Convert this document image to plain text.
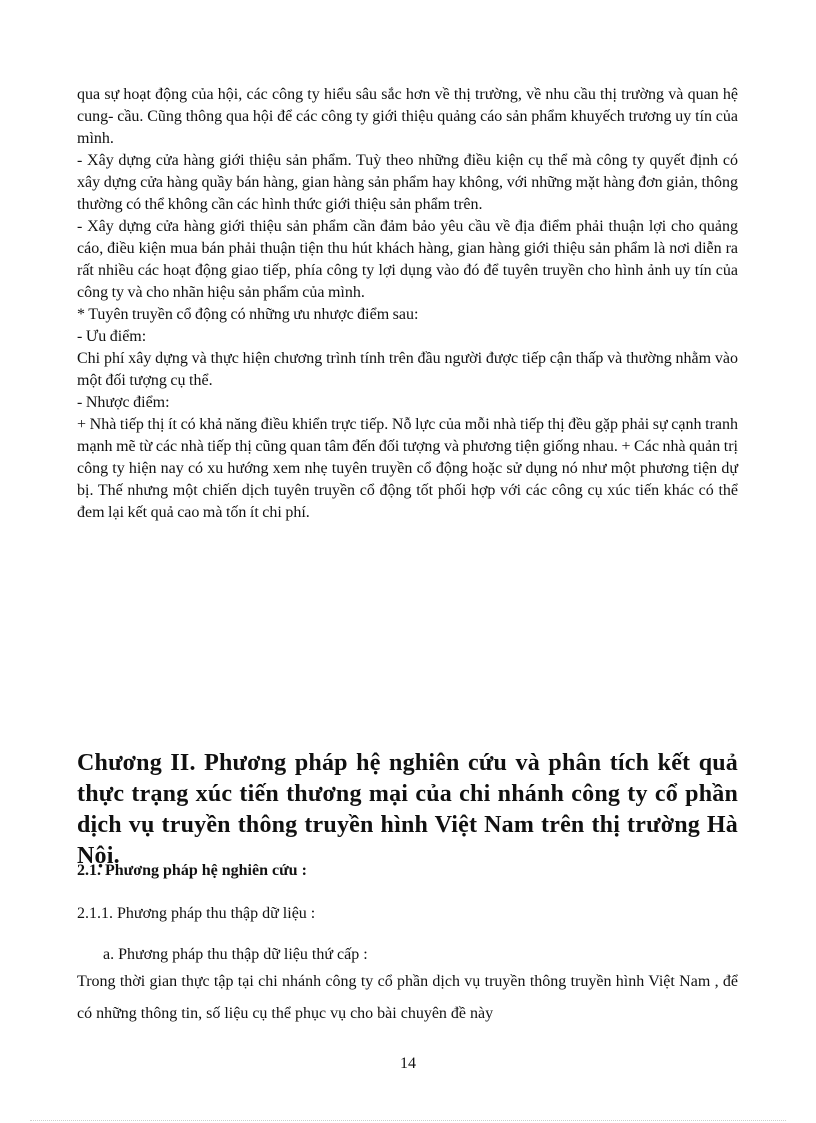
qua sự hoạt động của hội, các công ty hiểu sâu sắc hơn về thị trường, về nhu cầu thị trường và quan hệ cung- cầu. Cũng thông qua hội để các công ty giới thiệu quảng cáo sản phẩm khuyếch trương uy tín của mình.

- Xây dựng cửa hàng giới thiệu sản phẩm. Tuỳ theo những điều kiện cụ thể mà công ty quyết định có xây dựng cửa hàng quầy bán hàng, gian hàng sản phẩm hay không, với những mặt hàng đơn giản, thông thường có thể không cần các hình thức giới thiệu sản phẩm trên.

- Xây dựng cửa hàng giới thiệu sản phẩm cần đảm bảo yêu cầu về địa điểm phải thuận lợi cho quảng cáo, điều kiện mua bán phải thuận tiện thu hút khách hàng, gian hàng giới thiệu sản phẩm là nơi diễn ra rất nhiều các hoạt động giao tiếp, phía công ty lợi dụng vào đó để tuyên truyền cho hình ảnh uy tín của công ty và cho nhãn hiệu sản phẩm của mình.

* Tuyên truyền cổ động có những ưu nhược điểm sau:

- Ưu điểm:

Chi phí xây dựng và thực hiện chương trình tính trên đầu người được tiếp cận thấp và thường nhằm vào một đối tượng cụ thể.

- Nhược điểm:

+ Nhà tiếp thị ít có khả năng điều khiển trực tiếp. Nỗ lực của mỗi nhà tiếp thị đều gặp phải sự cạnh tranh mạnh mẽ từ các nhà tiếp thị cũng quan tâm đến đối tượng và phương tiện giống nhau. + Các nhà quản trị công ty hiện nay có xu hướng xem nhẹ tuyên truyền cổ động hoặc sử dụng nó như một phương tiện dự bị. Thế nhưng một chiến dịch tuyên truyền cổ động tốt phối hợp với các công cụ xúc tiến khác có thể đem lại kết quả cao mà tốn ít chi phí.

Chương II. Phương pháp hệ nghiên cứu và phân tích kết quả thực trạng xúc tiến thương mại của chi nhánh công ty cổ phần dịch vụ truyền thông truyền hình Việt Nam trên thị trường Hà Nội.

2.1. Phương pháp hệ nghiên cứu :

2.1.1. Phương pháp thu thập dữ liệu :

a. Phương pháp thu thập dữ liệu thứ cấp :

Trong thời gian thực tập tại chi nhánh công ty cổ phần dịch vụ truyền thông truyền hình Việt Nam , để có những thông tin, số liệu cụ thể phục vụ cho bài chuyên đề này

14
